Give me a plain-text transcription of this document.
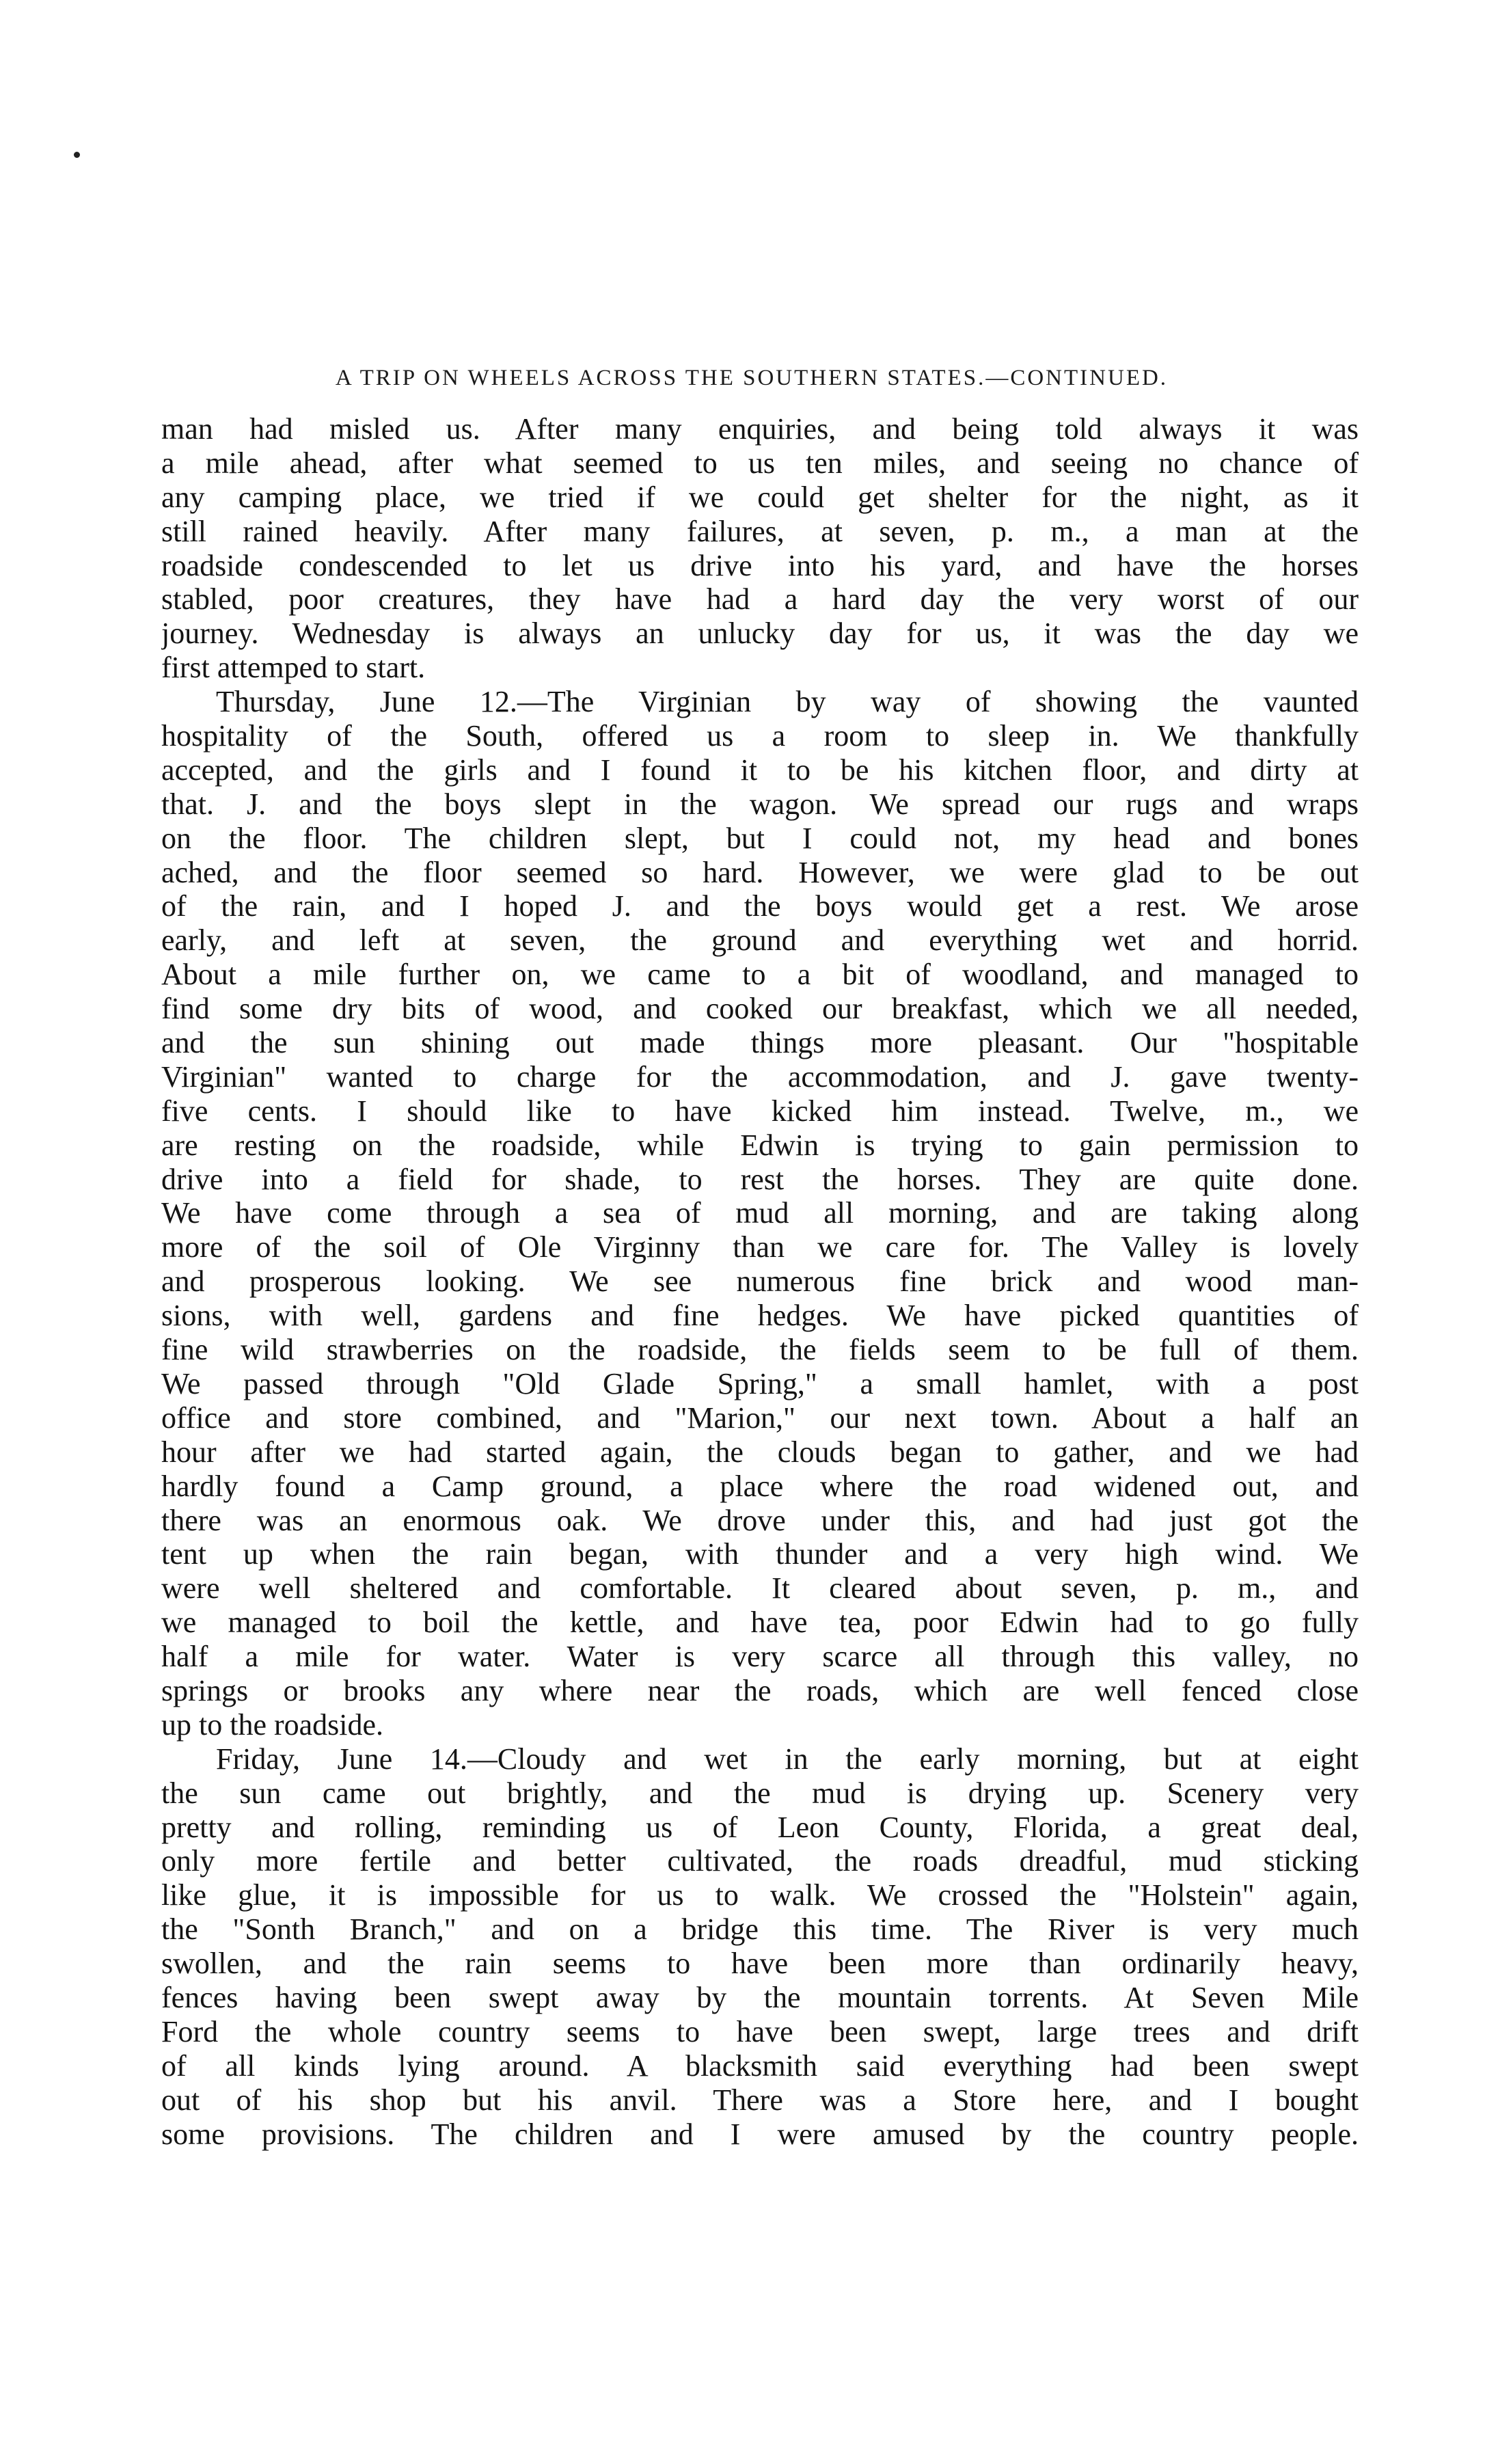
A TRIP ON WHEELS ACROSS THE SOUTHERN STATES.—CONTINUED.
man had misled us. After many enquiries, and being told always it was
a mile ahead, after what seemed to us ten miles, and seeing no chance of
any camping place, we tried if we could get shelter for the night, as it
still rained heavily. After many failures, at seven, p. m., a man at the
roadside condescended to let us drive into his yard, and have the horses
stabled, poor creatures, they have had a hard day the very worst of our
journey. Wednesday is always an unlucky day for us, it was the day we
first attemped to start.
Thursday, June 12.—The Virginian by way of showing the vaunted
hospitality of the South, offered us a room to sleep in. We thankfully
accepted, and the girls and I found it to be his kitchen floor, and dirty at
that. J. and the boys slept in the wagon. We spread our rugs and wraps
on the floor. The children slept, but I could not, my head and bones
ached, and the floor seemed so hard. However, we were glad to be out
of the rain, and I hoped J. and the boys would get a rest. We arose
early, and left at seven, the ground and everything wet and horrid.
About a mile further on, we came to a bit of woodland, and managed to
find some dry bits of wood, and cooked our breakfast, which we all needed,
and the sun shining out made things more pleasant. Our "hospitable
Virginian" wanted to charge for the accommodation, and J. gave twenty-
five cents. I should like to have kicked him instead. Twelve, m., we
are resting on the roadside, while Edwin is trying to gain permission to
drive into a field for shade, to rest the horses. They are quite done.
We have come through a sea of mud all morning, and are taking along
more of the soil of Ole Virginny than we care for. The Valley is lovely
and prosperous looking. We see numerous fine brick and wood man-
sions, with well, gardens and fine hedges. We have picked quantities of
fine wild strawberries on the roadside, the fields seem to be full of them.
We passed through "Old Glade Spring," a small hamlet, with a post
office and store combined, and "Marion," our next town. About a half an
hour after we had started again, the clouds began to gather, and we had
hardly found a Camp ground, a place where the road widened out, and
there was an enormous oak. We drove under this, and had just got the
tent up when the rain began, with thunder and a very high wind. We
were well sheltered and comfortable. It cleared about seven, p. m., and
we managed to boil the kettle, and have tea, poor Edwin had to go fully
half a mile for water. Water is very scarce all through this valley, no
springs or brooks any where near the roads, which are well fenced close
up to the roadside.
Friday, June 14.—Cloudy and wet in the early morning, but at eight
the sun came out brightly, and the mud is drying up. Scenery very
pretty and rolling, reminding us of Leon County, Florida, a great deal,
only more fertile and better cultivated, the roads dreadful, mud sticking
like glue, it is impossible for us to walk. We crossed the "Holstein" again,
the "Sonth Branch," and on a bridge this time. The River is very much
swollen, and the rain seems to have been more than ordinarily heavy,
fences having been swept away by the mountain torrents. At Seven Mile
Ford the whole country seems to have been swept, large trees and drift
of all kinds lying around. A blacksmith said everything had been swept
out of his shop but his anvil. There was a Store here, and I bought
some provisions. The children and I were amused by the country people.
